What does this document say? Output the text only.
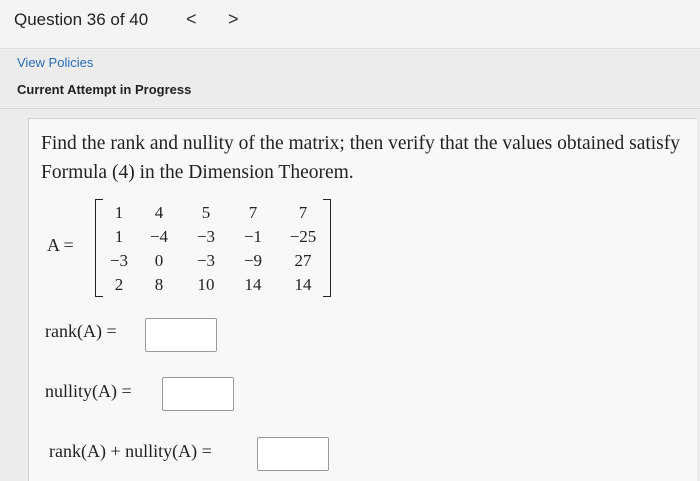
Question 36 of 40 < >
View Policies
Current Attempt in Progress
Find the rank and nullity of the matrix; then verify that the values obtained satisfy Formula (4) in the Dimension Theorem.
A =
1	4	5	7	7
1	−4	−3	−1	−25
−3	0	−3	−9	27
2	8	10	14	14
rank(A) =
nullity(A) =
rank(A) + nullity(A) =
